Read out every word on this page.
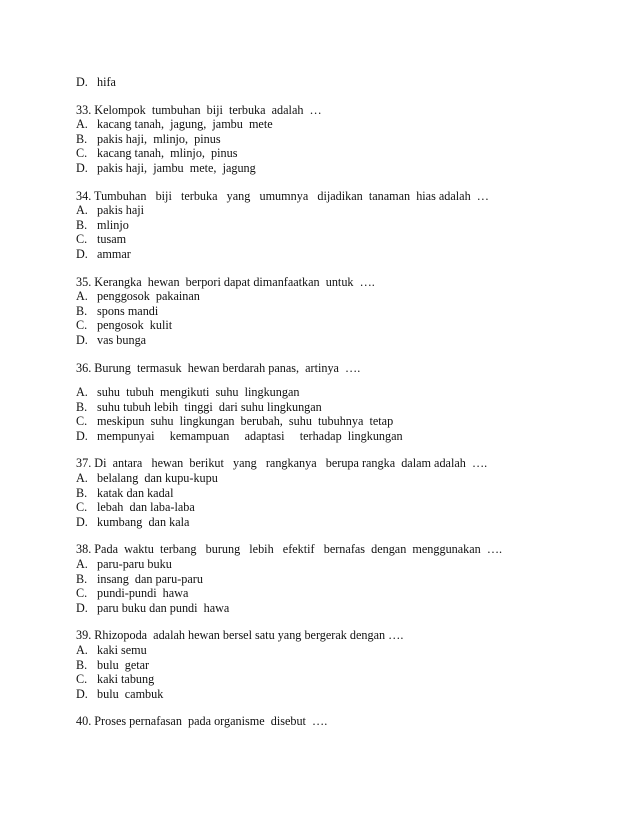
D. hifa
33. Kelompok  tumbuhan  biji  terbuka  adalah  …
A. kacang tanah,  jagung,  jambu  mete
B. pakis haji,  mlinjo,  pinus
C. kacang tanah,  mlinjo,  pinus
D. pakis haji,  jambu  mete,  jagung
34. Tumbuhan   biji   terbuka   yang   umumnya   dijadikan  tanaman  hias adalah  …
A. pakis haji
B. mlinjo
C. tusam
D. ammar
35. Kerangka  hewan  berpori dapat dimanfaatkan  untuk  ….
A. penggosok  pakainan
B. spons mandi
C. pengosok  kulit
D. vas bunga
36. Burung  termasuk  hewan berdarah panas,  artinya  ….
A. suhu  tubuh  mengikuti  suhu  lingkungan
B. suhu tubuh lebih  tinggi  dari suhu lingkungan
C. meskipun  suhu  lingkungan  berubah,  suhu  tubuhnya  tetap
D. mempunyai     kemampuan     adaptasi     terhadap  lingkungan
37. Di  antara   hewan  berikut   yang   rangkanya   berupa rangka  dalam adalah  ….
A. belalang  dan kupu-kupu
B. katak dan kadal
C. lebah  dan laba-laba
D. kumbang  dan kala
38. Pada  waktu  terbang   burung   lebih   efektif   bernafas  dengan  menggunakan  ….
A. paru-paru buku
B. insang  dan paru-paru
C. pundi-pundi  hawa
D. paru buku dan pundi  hawa
39. Rhizopoda  adalah hewan bersel satu yang bergerak dengan ….
A. kaki semu
B. bulu  getar
C. kaki tabung
D. bulu  cambuk
40. Proses pernafasan  pada organisme  disebut  ….
